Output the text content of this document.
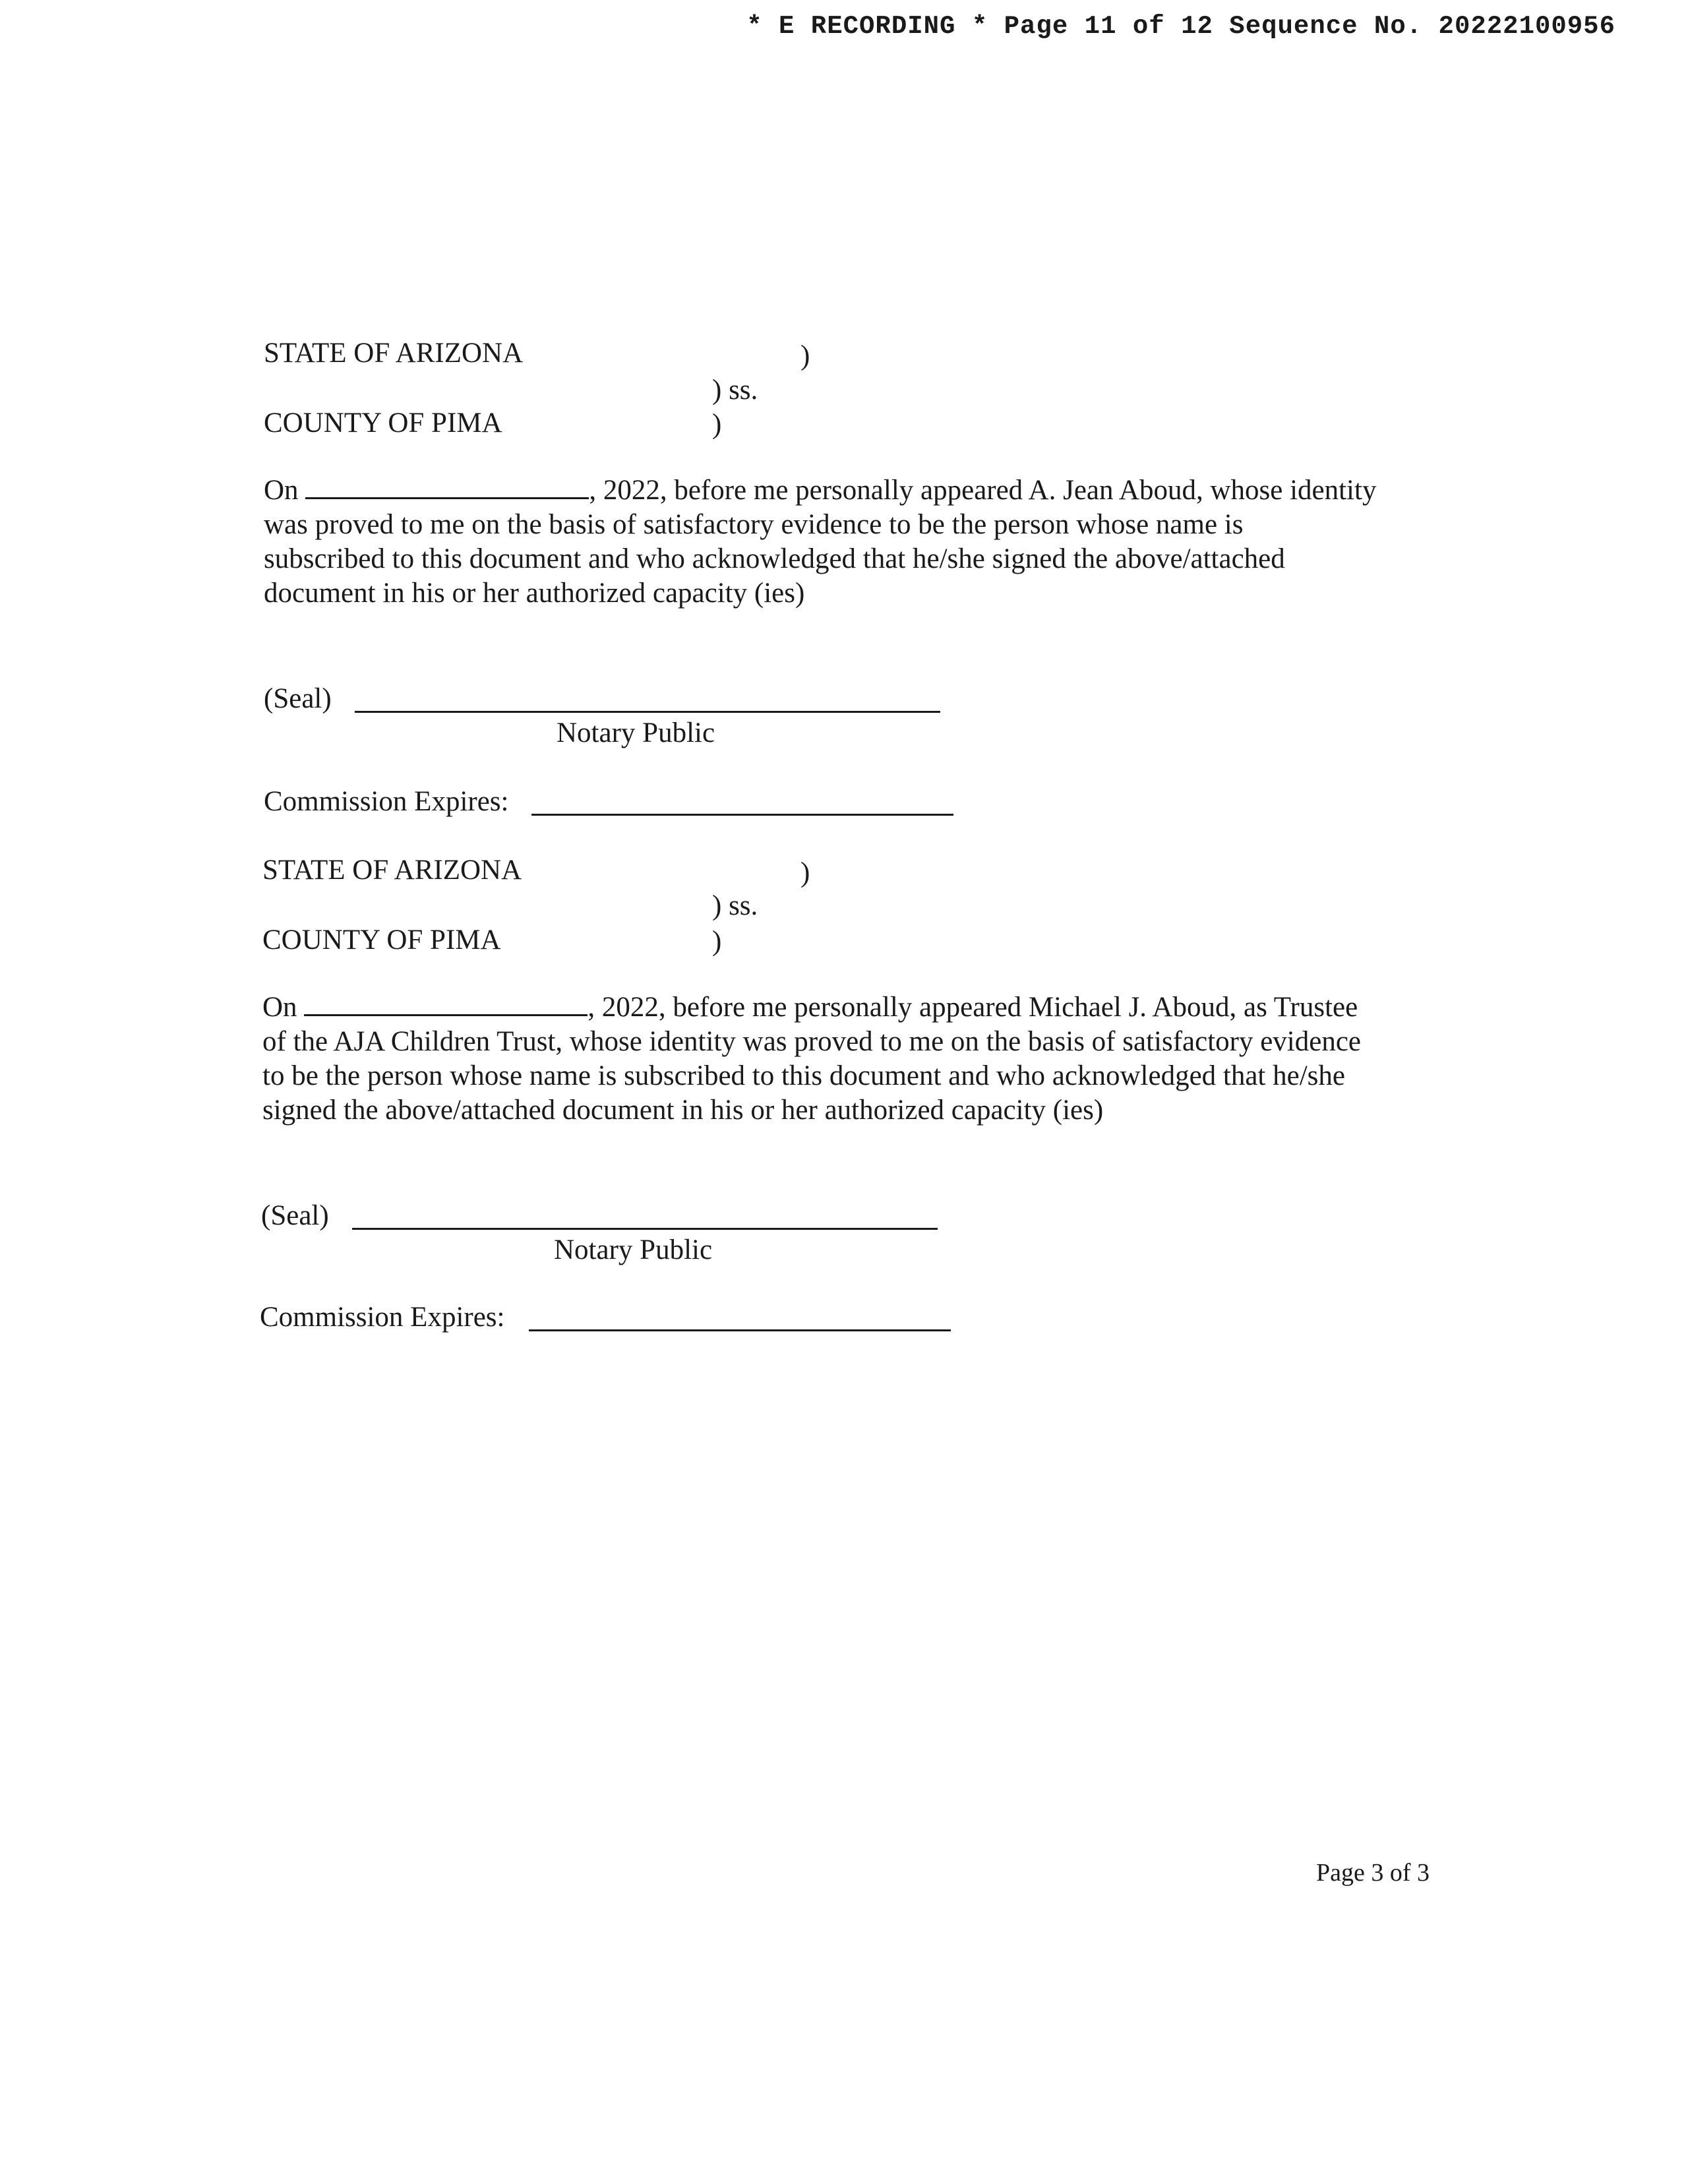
* E RECORDING * Page 11 of 12 Sequence No. 20222100956
STATE OF ARIZONA	)
) ss.
COUNTY OF PIMA	)
On	, 2022, before me personally appeared A. Jean Aboud, whose identity
was proved to me on the basis of satisfactory evidence to be the person whose name is
subscribed to this document and who acknowledged that he/she signed the above/attached
document in his or her authorized capacity (ies)
(Seal)
Notary Public
Commission Expires:
STATE OF ARIZONA	)
) ss.
COUNTY OF PIMA	)
On	, 2022, before me personally appeared Michael J. Aboud, as Trustee
of the AJA Children Trust, whose identity was proved to me on the basis of satisfactory evidence
to be the person whose name is subscribed to this document and who acknowledged that he/she
signed the above/attached document in his or her authorized capacity (ies)
(Seal)
Notary Public
Commission Expires:
Page 3 of 3
